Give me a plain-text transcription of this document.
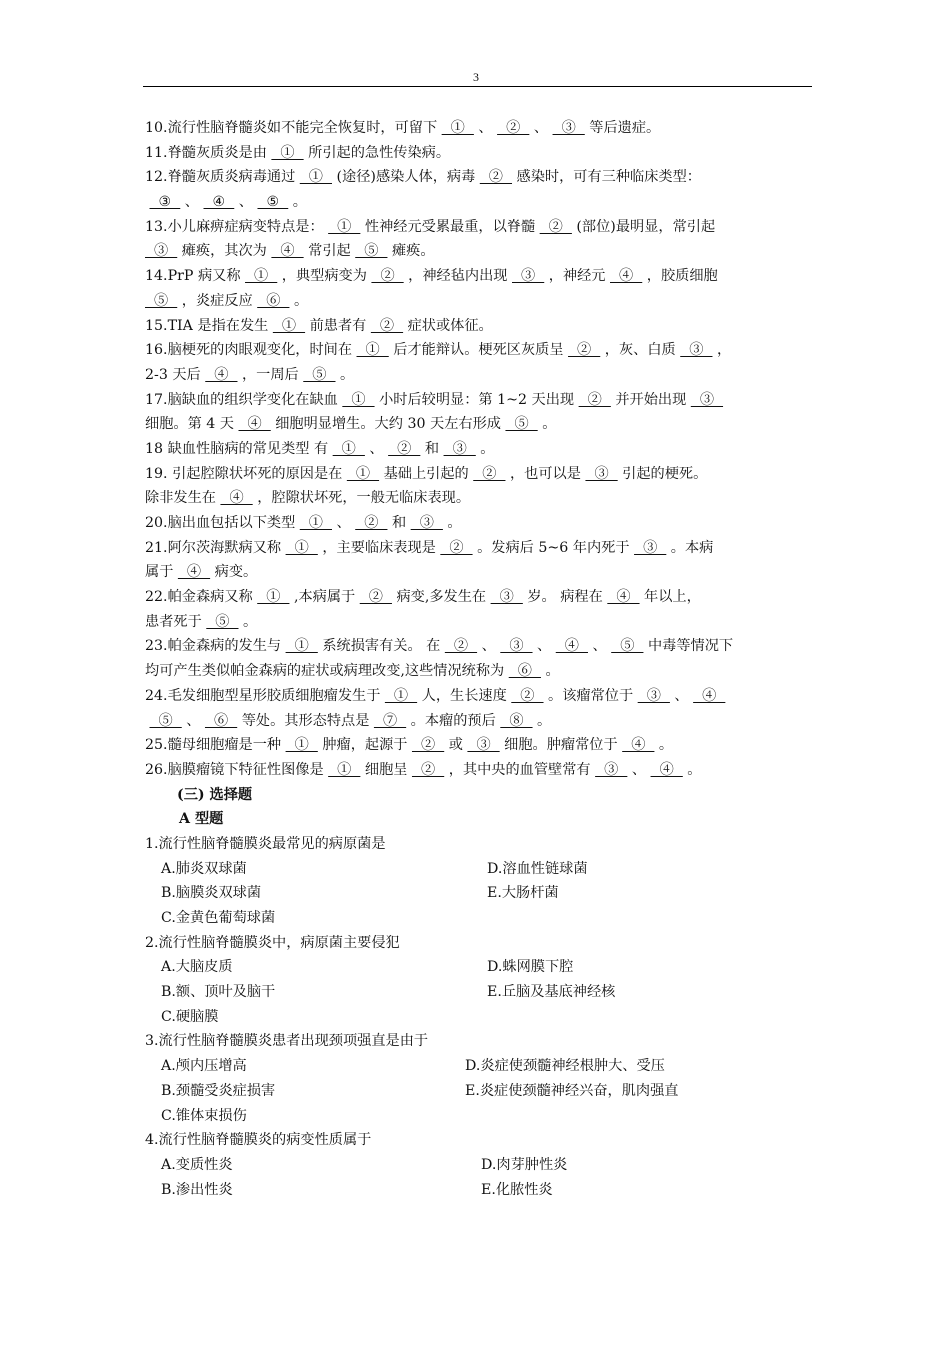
3
10.流行性脑脊髓炎如不能完全恢复时，可留下   ①   、   ②   、   ③   等后遗症。
11.脊髓灰质炎是由   ①   所引起的急性传染病。
12.脊髓灰质炎病毒通过   ①   (途径)感染人体，病毒   ②   感染时，可有三种临床类型：
③   、   ④   、   ⑤   。
13.小儿麻痹症病变特点是：   ①   性神经元受累最重，以脊髓   ②   (部位)最明显，常引起
③   瘫痪，其次为   ④   常引起   ⑤   瘫痪。
14.PrP 病又称   ①   ，典型病变为   ②   ，神经毡内出现   ③   ，神经元   ④   ，胶质细胞
⑤   ，炎症反应   ⑥   。
15.TIA 是指在发生   ①   前患者有   ②   症状或体征。
16.脑梗死的肉眼观变化，时间在   ①   后才能辩认。梗死区灰质呈   ②   ，灰、白质   ③   ，
2-3 天后   ④   ，一周后   ⑤   。
17.脑缺血的组织学变化在缺血   ①   小时后较明显：第 1~2 天出现   ②   并开始出现   ③
细胞。第 4 天   ④   细胞明显增生。大约 30 天左右形成   ⑤   。
18 缺血性脑病的常见类型 有   ①   、   ②   和   ③   。
19. 引起腔隙状坏死的原因是在   ①   基础上引起的   ②   ，也可以是   ③   引起的梗死。
除非发生在   ④   ，腔隙状坏死，一般无临床表现。
20.脑出血包括以下类型   ①   、   ②   和   ③   。
21.阿尔茨海默病又称   ①   ，主要临床表现是   ②   。发病后 5~6 年内死于   ③   。本病
属于   ④   病变。
22.帕金森病又称   ①   ,本病属于   ②   病变,多发生在   ③   岁。 病程在   ④   年以上，
患者死于   ⑤   。
23.帕金森病的发生与   ①   系统损害有关。 在   ②   、   ③   、   ④   、   ⑤   中毒等情况下
均可产生类似帕金森病的症状或病理改变,这些情况统称为   ⑥   。
24.毛发细胞型星形胶质细胞瘤发生于   ①   人，生长速度   ②   。该瘤常位于   ③   、   ④
⑤   、   ⑥   等处。其形态特点是   ⑦   。本瘤的预后   ⑧   。
25.髓母细胞瘤是一种   ①   肿瘤，起源于   ②   或   ③   细胞。肿瘤常位于   ④   。
26.脑膜瘤镜下特征性图像是   ①   细胞呈   ②   ，其中央的血管壁常有   ③   、   ④   。
(三) 选择题
A 型题
1.流行性脑脊髓膜炎最常见的病原菌是
A.肺炎双球菌	D.溶血性链球菌
B.脑膜炎双球菌	E.大肠杆菌
C.金黄色葡萄球菌
2.流行性脑脊髓膜炎中，病原菌主要侵犯
A.大脑皮质	D.蛛网膜下腔
B.额、顶叶及脑干	E.丘脑及基底神经核
C.硬脑膜
3.流行性脑脊髓膜炎患者出现颈项强直是由于
A.颅内压增高	D.炎症使颈髓神经根肿大、受压
B.颈髓受炎症损害	E.炎症使颈髓神经兴奋，肌肉强直
C.锥体束损伤
4.流行性脑脊髓膜炎的病变性质属于
A.变质性炎	D.肉芽肿性炎
B.渗出性炎	E.化脓性炎
